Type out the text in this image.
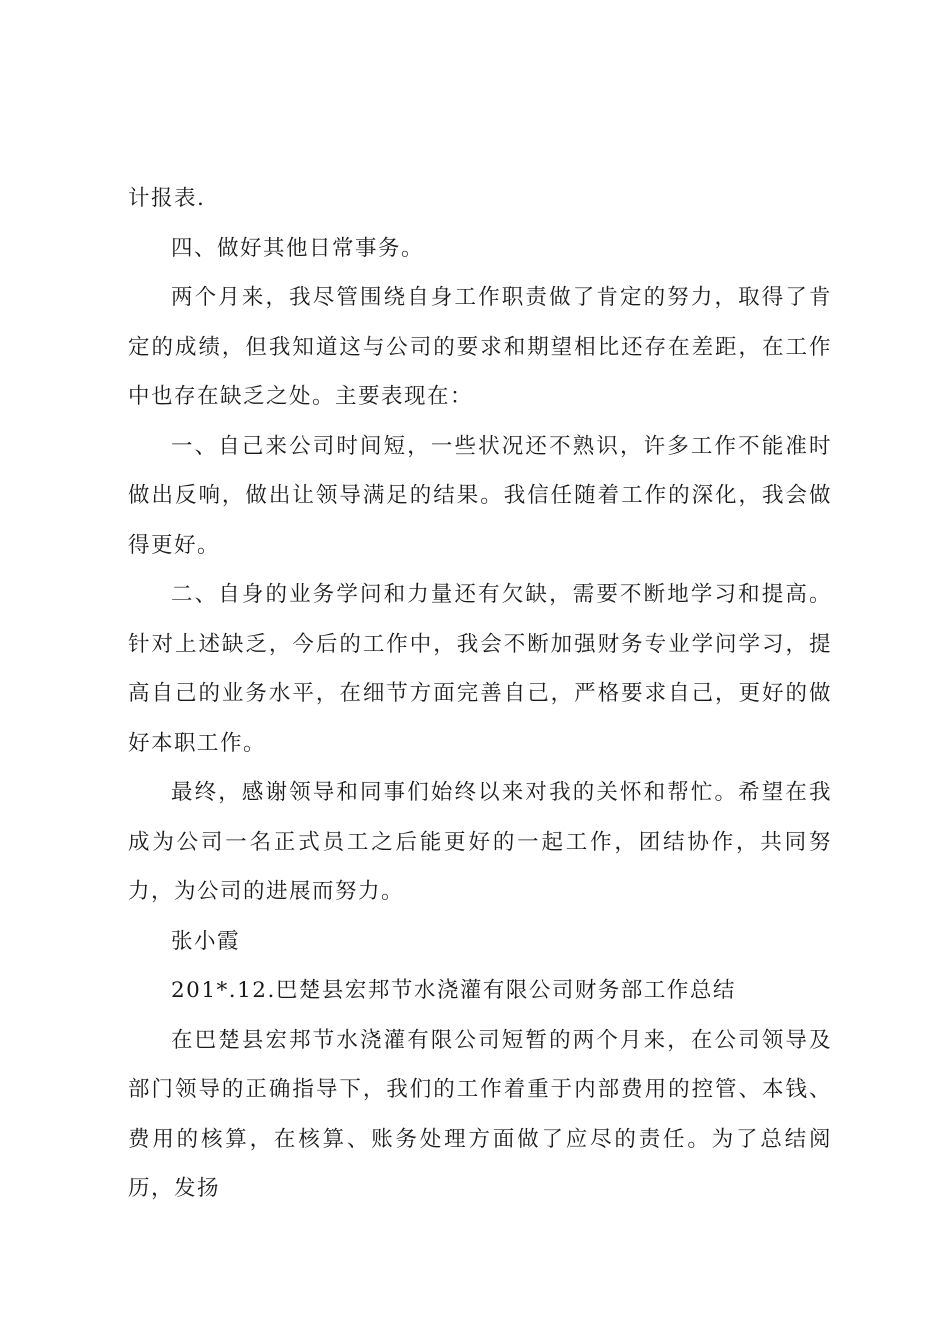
计报表.

四、做好其他日常事务。

两个月来，我尽管围绕自身工作职责做了肯定的努力，取得了肯定的成绩，但我知道这与公司的要求和期望相比还存在差距，在工作中也存在缺乏之处。主要表现在：

一、自己来公司时间短，一些状况还不熟识，许多工作不能准时做出反响，做出让领导满足的结果。我信任随着工作的深化，我会做得更好。

二、自身的业务学问和力量还有欠缺，需要不断地学习和提高。针对上述缺乏，今后的工作中，我会不断加强财务专业学问学习，提高自己的业务水平，在细节方面完善自己，严格要求自己，更好的做好本职工作。

最终，感谢领导和同事们始终以来对我的关怀和帮忙。希望在我成为公司一名正式员工之后能更好的一起工作，团结协作，共同努力，为公司的进展而努力。

张小霞

201*.12.巴楚县宏邦节水浇灌有限公司财务部工作总结

在巴楚县宏邦节水浇灌有限公司短暂的两个月来，在公司领导及部门领导的正确指导下，我们的工作着重于内部费用的控管、本钱、费用的核算，在核算、账务处理方面做了应尽的责任。为了总结阅历，发扬
